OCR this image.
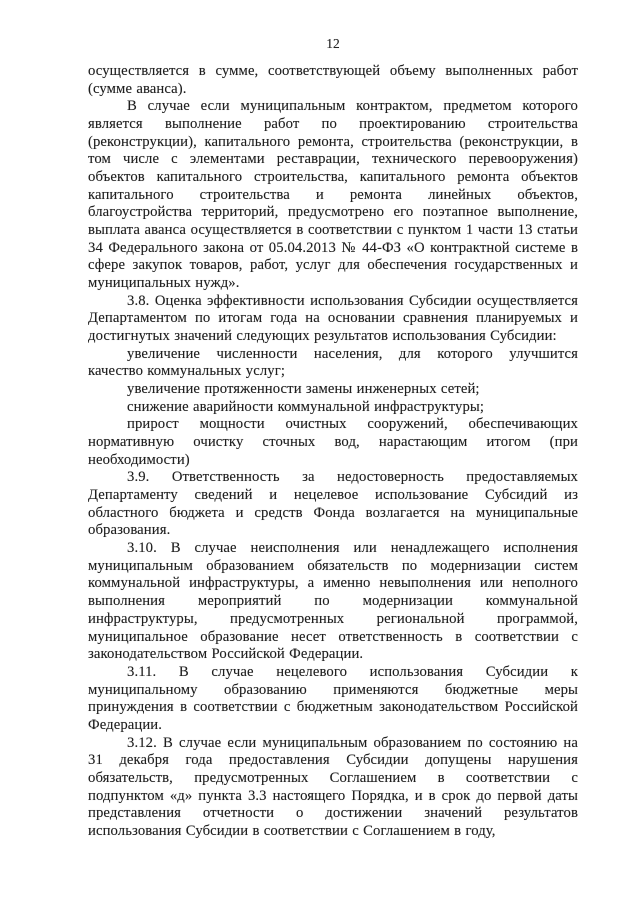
12
осуществляется в сумме, соответствующей объему выполненных работ
(сумме аванса).
В случае если муниципальным контрактом, предметом которого
является выполнение работ по проектированию строительства
(реконструкции), капитального ремонта, строительства (реконструкции, в
том числе с элементами реставрации, технического перевооружения)
объектов капитального строительства, капитального ремонта объектов
капитального строительства и ремонта линейных объектов,
благоустройства территорий, предусмотрено его поэтапное выполнение,
выплата аванса осуществляется в соответствии с пунктом 1 части 13 статьи
34 Федерального закона от 05.04.2013 № 44-ФЗ «О контрактной системе в
сфере закупок товаров, работ, услуг для обеспечения государственных и
муниципальных нужд».
3.8. Оценка эффективности использования Субсидии осуществляется
Департаментом по итогам года на основании сравнения планируемых и
достигнутых значений следующих результатов использования Субсидии:
увеличение численности населения, для которого улучшится
качество коммунальных услуг;
увеличение протяженности замены инженерных сетей;
снижение аварийности коммунальной инфраструктуры;
прирост мощности очистных сооружений, обеспечивающих
нормативную очистку сточных вод, нарастающим итогом (при
необходимости)
3.9. Ответственность за недостоверность предоставляемых
Департаменту сведений и нецелевое использование Субсидий из
областного бюджета и средств Фонда возлагается на муниципальные
образования.
3.10. В случае неисполнения или ненадлежащего исполнения
муниципальным образованием обязательств по модернизации систем
коммунальной инфраструктуры, а именно невыполнения или неполного
выполнения мероприятий по модернизации коммунальной
инфраструктуры, предусмотренных региональной программой,
муниципальное образование несет ответственность в соответствии с
законодательством Российской Федерации.
3.11. В случае нецелевого использования Субсидии к
муниципальному образованию применяются бюджетные меры
принуждения в соответствии с бюджетным законодательством Российской
Федерации.
3.12. В случае если муниципальным образованием по состоянию на
31 декабря года предоставления Субсидии допущены нарушения
обязательств, предусмотренных Соглашением в соответствии с
подпунктом «д» пункта 3.3 настоящего Порядка, и в срок до первой даты
представления отчетности о достижении значений результатов
использования Субсидии в соответствии с Соглашением в году,
